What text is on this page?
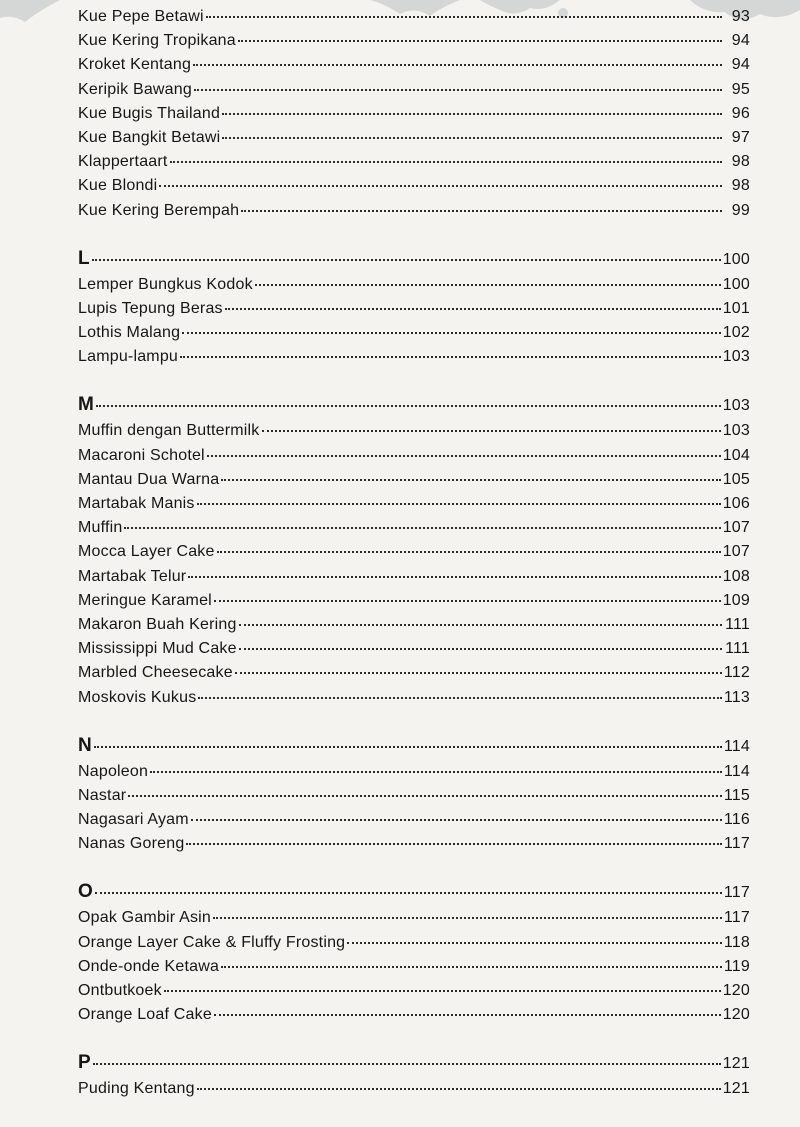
Kue Pepe Betawi	93
Kue Kering Tropikana	94
Kroket Kentang	94
Keripik Bawang	95
Kue Bugis Thailand	96
Kue Bangkit Betawi	97
Klappertaart	98
Kue Blondi	98
Kue Kering Berempah	99
L	100
Lemper Bungkus Kodok	100
Lupis Tepung Beras	101
Lothis Malang	102
Lampu-lampu	103
M	103
Muffin dengan Buttermilk	103
Macaroni Schotel	104
Mantau Dua Warna	105
Martabak Manis	106
Muffin	107
Mocca Layer Cake	107
Martabak Telur	108
Meringue Karamel	109
Makaron Buah Kering	111
Mississippi Mud Cake	111
Marbled Cheesecake	112
Moskovis Kukus	113
N	114
Napoleon	114
Nastar	115
Nagasari Ayam	116
Nanas Goreng	117
O	117
Opak Gambir Asin	117
Orange Layer Cake & Fluffy Frosting	118
Onde-onde Ketawa	119
Ontbutkoek	120
Orange Loaf Cake	120
P	121
Puding Kentang	121
